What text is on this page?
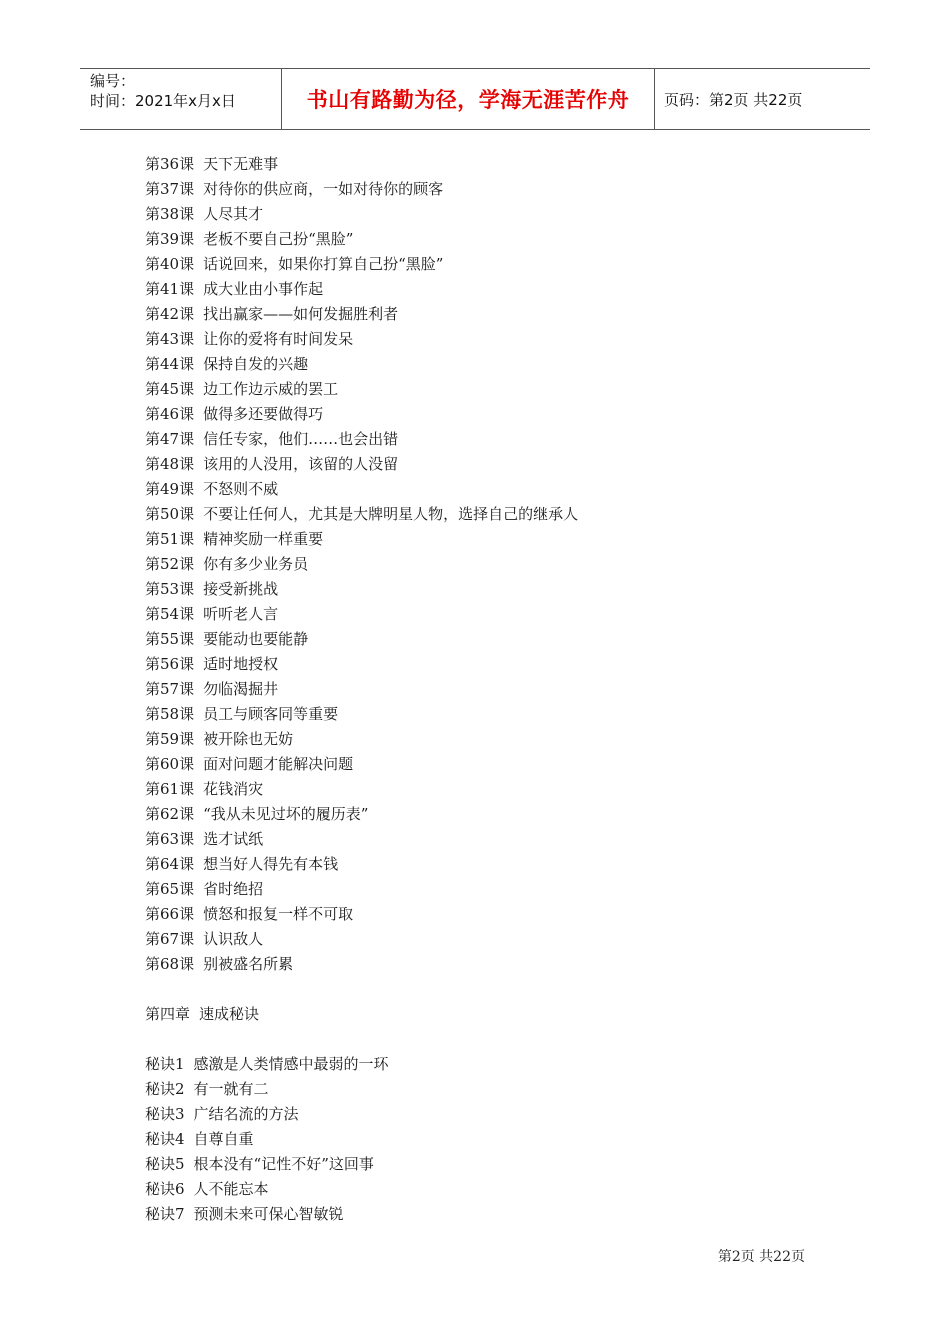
编号：
时间：2021年x月x日	书山有路勤为径，学海无涯苦作舟	页码：第2页 共22页
第36课 天下无难事
第37课 对待你的供应商，一如对待你的顾客
第38课 人尽其才
第39课 老板不要自己扮“黑脸”
第40课 话说回来，如果你打算自己扮“黑脸”
第41课 成大业由小事作起
第42课 找出赢家——如何发掘胜利者
第43课 让你的爱将有时间发呆
第44课 保持自发的兴趣
第45课 边工作边示威的罢工
第46课 做得多还要做得巧
第47课 信任专家，他们……也会出错
第48课 该用的人没用，该留的人没留
第49课 不怒则不威
第50课 不要让任何人，尤其是大牌明星人物，选择自己的继承人
第51课 精神奖励一样重要
第52课 你有多少业务员
第53课 接受新挑战
第54课 听听老人言
第55课 要能动也要能静
第56课 适时地授权
第57课 勿临渴掘井
第58课 员工与顾客同等重要
第59课 被开除也无妨
第60课 面对问题才能解决问题
第61课 花钱消灾
第62课 “我从未见过坏的履历表”
第63课 选才试纸
第64课 想当好人得先有本钱
第65课 省时绝招
第66课 愤怒和报复一样不可取
第67课 认识敌人
第68课 别被盛名所累
第四章 速成秘诀
秘诀1 感激是人类情感中最弱的一环
秘诀2 有一就有二
秘诀3 广结名流的方法
秘诀4 自尊自重
秘诀5 根本没有“记性不好”这回事
秘诀6 人不能忘本
秘诀7 预测未来可保心智敏锐
第2页 共22页
